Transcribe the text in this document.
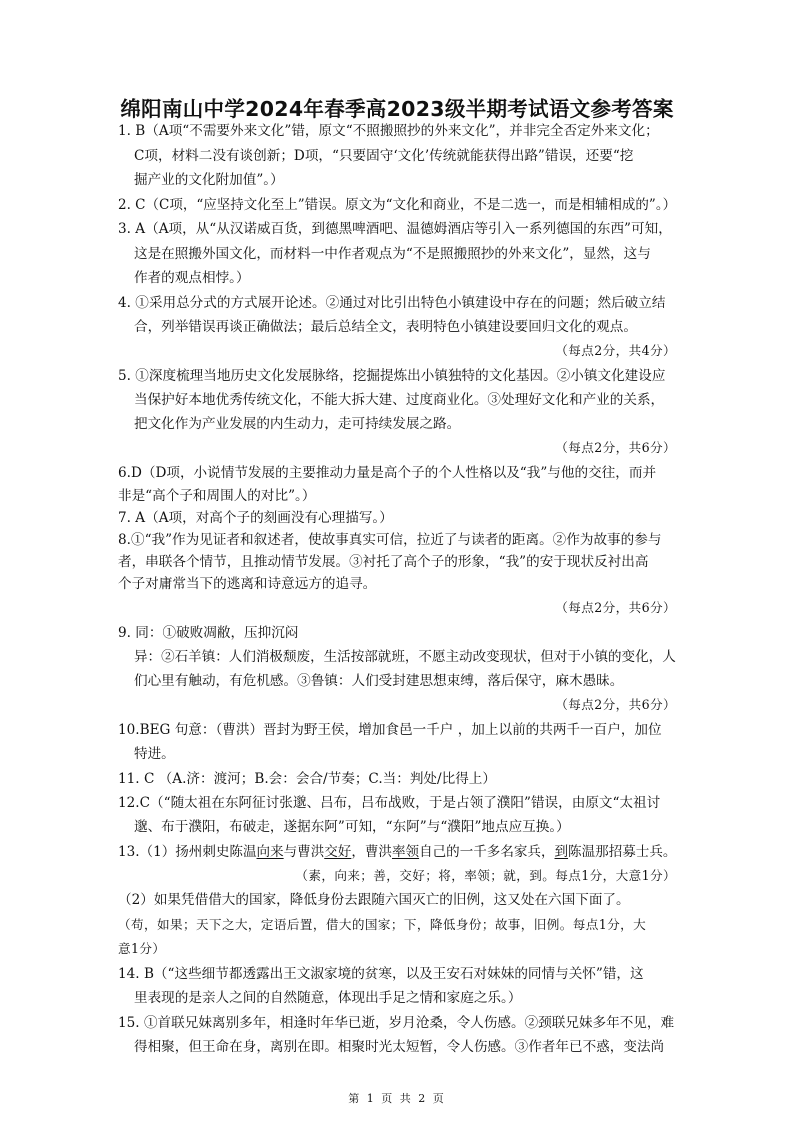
绵阳南山中学2024年春季高2023级半期考试语文参考答案
1. B（A项“不需要外来文化”错，原文“不照搬照抄的外来文化”，并非完全否定外来文化；
C项，材料二没有谈创新；D项，“只要固守‘文化’传统就能获得出路”错误，还要“挖
掘产业的文化附加值”。）
2. C（C项，“应坚持文化至上”错误。原文为“文化和商业，不是二选一，而是相辅相成的”。）
3. A（A项，从“从汉诺威百货，到德黑啤酒吧、温德姆酒店等引入一系列德国的东西”可知，
这是在照搬外国文化，而材料一中作者观点为“不是照搬照抄的外来文化”，显然，这与
作者的观点相悖。）
4. ①采用总分式的方式展开论述。②通过对比引出特色小镇建设中存在的问题；然后破立结
合，列举错误再谈正确做法；最后总结全文，表明特色小镇建设要回归文化的观点。
（每点2分，共4分）
5. ①深度梳理当地历史文化发展脉络，挖掘提炼出小镇独特的文化基因。②小镇文化建设应
当保护好本地优秀传统文化，不能大拆大建、过度商业化。③处理好文化和产业的关系，
把文化作为产业发展的内生动力，走可持续发展之路。
（每点2分，共6分）
6.D（D项，小说情节发展的主要推动力量是高个子的个人性格以及“我”与他的交往，而并
非是“高个子和周围人的对比”。）
7. A（A项，对高个子的刻画没有心理描写。）
8.①“我”作为见证者和叙述者，使故事真实可信，拉近了与读者的距离。②作为故事的参与
者，串联各个情节，且推动情节发展。③衬托了高个子的形象，“我”的安于现状反衬出高
个子对庸常当下的逃离和诗意远方的追寻。
（每点2分，共6分）
9. 同：①破败凋敝，压抑沉闷
异：②石羊镇：人们消极颓废，生活按部就班，不愿主动改变现状，但对于小镇的变化，人
们心里有触动，有危机感。③鲁镇：人们受封建思想束缚，落后保守，麻木愚昧。
（每点2分，共6分）
10.BEG 句意：（曹洪）晋封为野王侯，增加食邑一千户 ，加上以前的共两千一百户，加位
特进。
11. C （A.济：渡河；B.会：会合/节奏；C.当：判处/比得上）
12.C（“随太祖在东阿征讨张邈、吕布，吕布战败，于是占领了濮阳”错误，由原文“太祖讨
邈、布于濮阳，布破走，遂据东阿”可知，“东阿”与“濮阳”地点应互换。）
13.（1）扬州刺史陈温向来与曹洪交好，曹洪率领自己的一千多名家兵，到陈温那招募士兵。
（素，向来；善，交好；将，率领；就，到。每点1分，大意1分）
（2）如果凭借借大的国家，降低身份去跟随六国灭亡的旧例，这又处在六国下面了。
（苟，如果；天下之大，定语后置，借大的国家；下，降低身份；故事，旧例。每点1分，大
意1分）
14. B（“这些细节都透露出王文淑家境的贫寒，以及王安石对妹妹的同情与关怀”错，这
里表现的是亲人之间的自然随意，体现出手足之情和家庭之乐。）
15. ①首联兄妹离别多年，相逢时年华已逝，岁月沧桑，令人伤感。②颈联兄妹多年不见，难
得相聚，但王命在身，离别在即。相聚时光太短暂，令人伤感。③作者年已不惑，变法尚
第 1 页 共 2 页
